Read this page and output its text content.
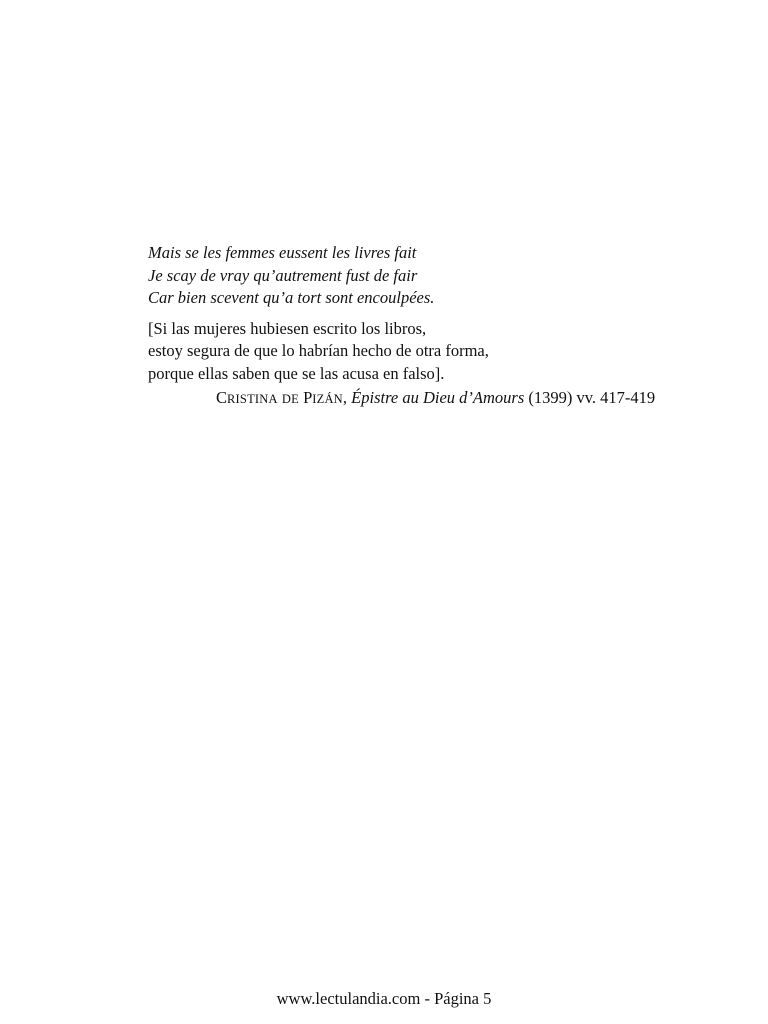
Mais se les femmes eussent les livres fait
Je scay de vray qu’autrement fust de fair
Car bien scevent qu’a tort sont encoulpées.

[Si las mujeres hubiesen escrito los libros,
estoy segura de que lo habrían hecho de otra forma,
porque ellas saben que se las acusa en falso].

CRISTINA DE PIZÁN, Épistre au Dieu d’Amours (1399) vv. 417-419
www.lectulandia.com - Página 5
